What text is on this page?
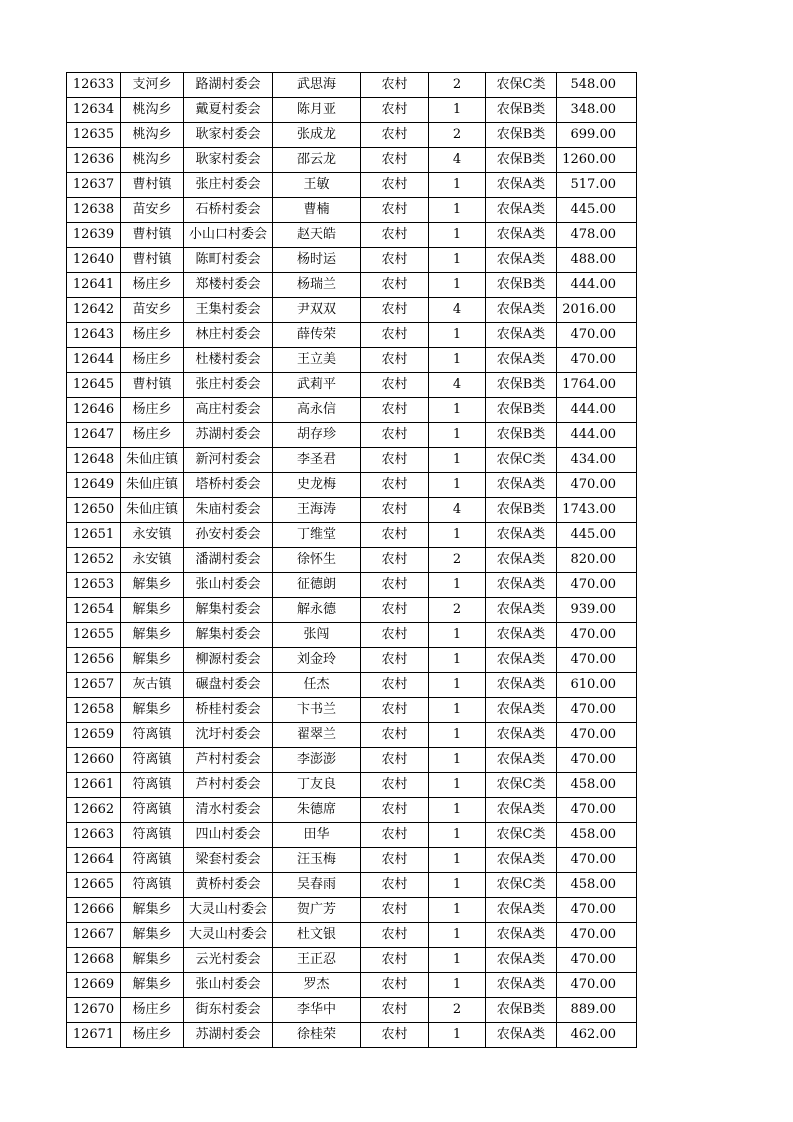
12633	支河乡	路湖村委会	武思海	农村	2	农保C类	548.00
12634	桃沟乡	戴夏村委会	陈月亚	农村	1	农保B类	348.00
12635	桃沟乡	耿家村委会	张成龙	农村	2	农保B类	699.00
12636	桃沟乡	耿家村委会	邵云龙	农村	4	农保B类	1260.00
12637	曹村镇	张庄村委会	王敏	农村	1	农保A类	517.00
12638	苗安乡	石桥村委会	曹楠	农村	1	农保A类	445.00
12639	曹村镇	小山口村委会	赵天皓	农村	1	农保A类	478.00
12640	曹村镇	陈町村委会	杨时运	农村	1	农保A类	488.00
12641	杨庄乡	郑楼村委会	杨瑞兰	农村	1	农保B类	444.00
12642	苗安乡	王集村委会	尹双双	农村	4	农保A类	2016.00
12643	杨庄乡	林庄村委会	薛传荣	农村	1	农保A类	470.00
12644	杨庄乡	杜楼村委会	王立美	农村	1	农保A类	470.00
12645	曹村镇	张庄村委会	武莉平	农村	4	农保B类	1764.00
12646	杨庄乡	高庄村委会	高永信	农村	1	农保B类	444.00
12647	杨庄乡	苏湖村委会	胡存珍	农村	1	农保B类	444.00
12648	朱仙庄镇	新河村委会	李圣君	农村	1	农保C类	434.00
12649	朱仙庄镇	塔桥村委会	史龙梅	农村	1	农保A类	470.00
12650	朱仙庄镇	朱庙村委会	王海涛	农村	4	农保B类	1743.00
12651	永安镇	孙安村委会	丁维堂	农村	1	农保A类	445.00
12652	永安镇	潘湖村委会	徐怀生	农村	2	农保A类	820.00
12653	解集乡	张山村委会	征德朗	农村	1	农保A类	470.00
12654	解集乡	解集村委会	解永德	农村	2	农保A类	939.00
12655	解集乡	解集村委会	张闯	农村	1	农保A类	470.00
12656	解集乡	柳源村委会	刘金玲	农村	1	农保A类	470.00
12657	灰古镇	碾盘村委会	任杰	农村	1	农保A类	610.00
12658	解集乡	桥桂村委会	卞书兰	农村	1	农保A类	470.00
12659	符离镇	沈圩村委会	翟翠兰	农村	1	农保A类	470.00
12660	符离镇	芦村村委会	李澎澎	农村	1	农保A类	470.00
12661	符离镇	芦村村委会	丁友良	农村	1	农保C类	458.00
12662	符离镇	清水村委会	朱德席	农村	1	农保A类	470.00
12663	符离镇	四山村委会	田华	农村	1	农保C类	458.00
12664	符离镇	梁套村委会	汪玉梅	农村	1	农保A类	470.00
12665	符离镇	黄桥村委会	吴春雨	农村	1	农保C类	458.00
12666	解集乡	大灵山村委会	贺广芳	农村	1	农保A类	470.00
12667	解集乡	大灵山村委会	杜文银	农村	1	农保A类	470.00
12668	解集乡	云光村委会	王正忍	农村	1	农保A类	470.00
12669	解集乡	张山村委会	罗杰	农村	1	农保A类	470.00
12670	杨庄乡	街东村委会	李华中	农村	2	农保B类	889.00
12671	杨庄乡	苏湖村委会	徐桂荣	农村	1	农保A类	462.00
